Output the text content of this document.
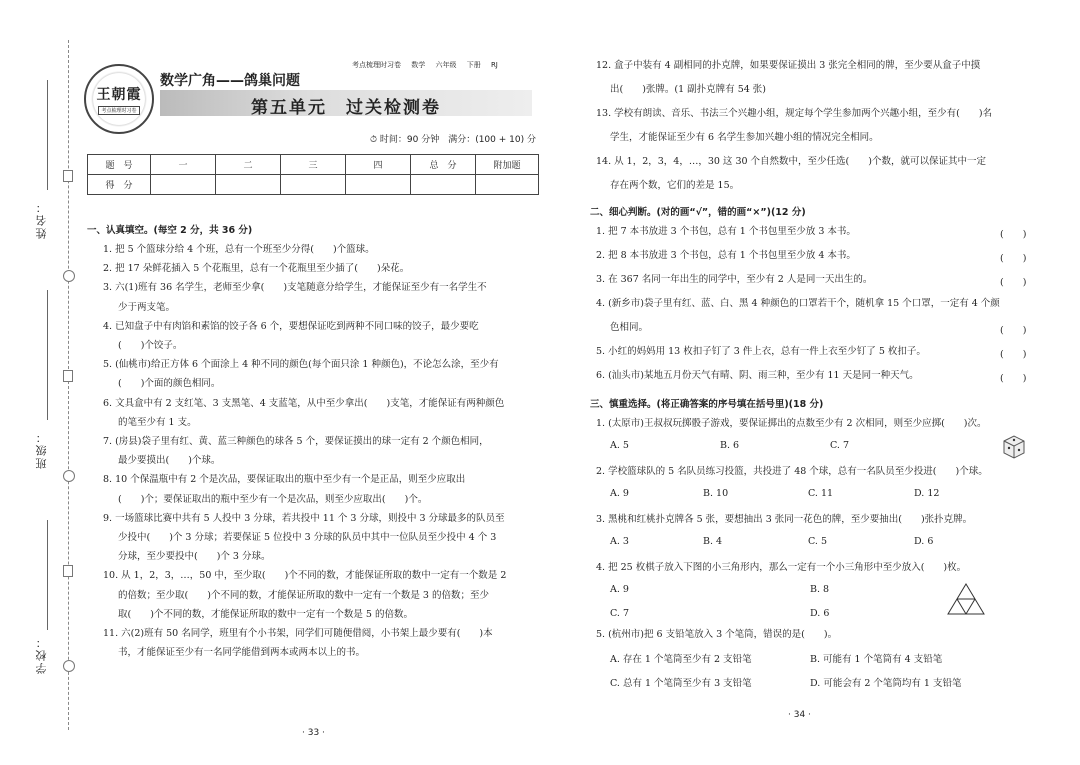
姓名：
班级：
学校：
王朝霞
考点梳理时习卷
考点梳理时习卷 数学 六年级 下册 RJ
数学广角——鸽巢问题
第五单元　过关检测卷
⏱ 时间：90 分钟　满分：(100 + 10) 分
题　号	一	二	三	四	总　分	附加题
得　分						
一、认真填空。(每空 2 分，共 36 分)
1. 把 5 个篮球分给 4 个班，总有一个班至少分得(　　)个篮球。
2. 把 17 朵鲜花插入 5 个花瓶里，总有一个花瓶里至少插了(　　)朵花。
3. 六(1)班有 36 名学生，老师至少拿(　　)支笔随意分给学生，才能保证至少有一名学生不
少于两支笔。
4. 已知盘子中有肉馅和素馅的饺子各 6 个，要想保证吃到两种不同口味的饺子，最少要吃
(　　)个饺子。
5. (仙桃市)给正方体 6 个面涂上 4 种不同的颜色(每个面只涂 1 种颜色)，不论怎么涂，至少有
(　　)个面的颜色相同。
6. 文具盒中有 2 支红笔、3 支黑笔、4 支蓝笔，从中至少拿出(　　)支笔，才能保证有两种颜色
的笔至少有 1 支。
7. (房县)袋子里有红、黄、蓝三种颜色的球各 5 个，要保证摸出的球一定有 2 个颜色相同，
最少要摸出(　　)个球。
8. 10 个保温瓶中有 2 个是次品，要保证取出的瓶中至少有一个是正品，则至少应取出
(　　)个；要保证取出的瓶中至少有一个是次品，则至少应取出(　　)个。
9. 一场篮球比赛中共有 5 人投中 3 分球，若共投中 11 个 3 分球，则投中 3 分球最多的队员至
少投中(　　)个 3 分球；若要保证 5 位投中 3 分球的队员中其中一位队员至少投中 4 个 3
分球，至少要投中(　　)个 3 分球。
10. 从 1，2，3，…，50 中，至少取(　　)个不同的数，才能保证所取的数中一定有一个数是 2
的倍数；至少取(　　)个不同的数，才能保证所取的数中一定有一个数是 3 的倍数；至少
取(　　)个不同的数，才能保证所取的数中一定有一个数是 5 的倍数。
11. 六(2)班有 50 名同学，班里有个小书架，同学们可随便借阅，小书架上最少要有(　　)本
书，才能保证至少有一名同学能借到两本或两本以上的书。
· 33 ·
12. 盒子中装有 4 副相同的扑克牌，如果要保证摸出 3 张完全相同的牌，至少要从盒子中摸
出(　　)张牌。(1 副扑克牌有 54 张)
13. 学校有朗读、音乐、书法三个兴趣小组，规定每个学生参加两个兴趣小组，至少有(　　)名
学生，才能保证至少有 6 名学生参加兴趣小组的情况完全相同。
14. 从 1，2，3，4，…，30 这 30 个自然数中，至少任选(　　)个数，就可以保证其中一定
存在两个数，它们的差是 15。
二、细心判断。(对的画“√”，错的画“×”)(12 分)
1. 把 7 本书放进 3 个书包，总有 1 个书包里至少放 3 本书。	(　　)
2. 把 8 本书放进 3 个书包，总有 1 个书包里至少放 4 本书。	(　　)
3. 在 367 名同一年出生的同学中，至少有 2 人是同一天出生的。	(　　)
4. (新乡市)袋子里有红、蓝、白、黑 4 种颜色的口罩若干个，随机拿 15 个口罩，一定有 4 个颜
色相同。	(　　)
5. 小红的妈妈用 13 枚扣子钉了 3 件上衣，总有一件上衣至少钉了 5 枚扣子。	(　　)
6. (汕头市)某地五月份天气有晴、阴、雨三种，至少有 11 天是同一种天气。	(　　)
三、慎重选择。(将正确答案的序号填在括号里)(18 分)
1. (太原市)王叔叔玩掷骰子游戏，要保证掷出的点数至少有 2 次相同，则至少应掷(　　)次。
A. 5	B. 6	C. 7
2. 学校篮球队的 5 名队员练习投篮，共投进了 48 个球，总有一名队员至少投进(　　)个球。
A. 9	B. 10	C. 11	D. 12
3. 黑桃和红桃扑克牌各 5 张，要想抽出 3 张同一花色的牌，至少要抽出(　　)张扑克牌。
A. 3	B. 4	C. 5	D. 6
4. 把 25 枚棋子放入下图的小三角形内，那么一定有一个小三角形中至少放入(　　)枚。
A. 9	B. 8
C. 7	D. 6
5. (杭州市)把 6 支铅笔放入 3 个笔筒，错误的是(　　)。
A. 存在 1 个笔筒至少有 2 支铅笔	B. 可能有 1 个笔筒有 4 支铅笔
C. 总有 1 个笔筒至少有 3 支铅笔	D. 可能会有 2 个笔筒均有 1 支铅笔
· 34 ·
